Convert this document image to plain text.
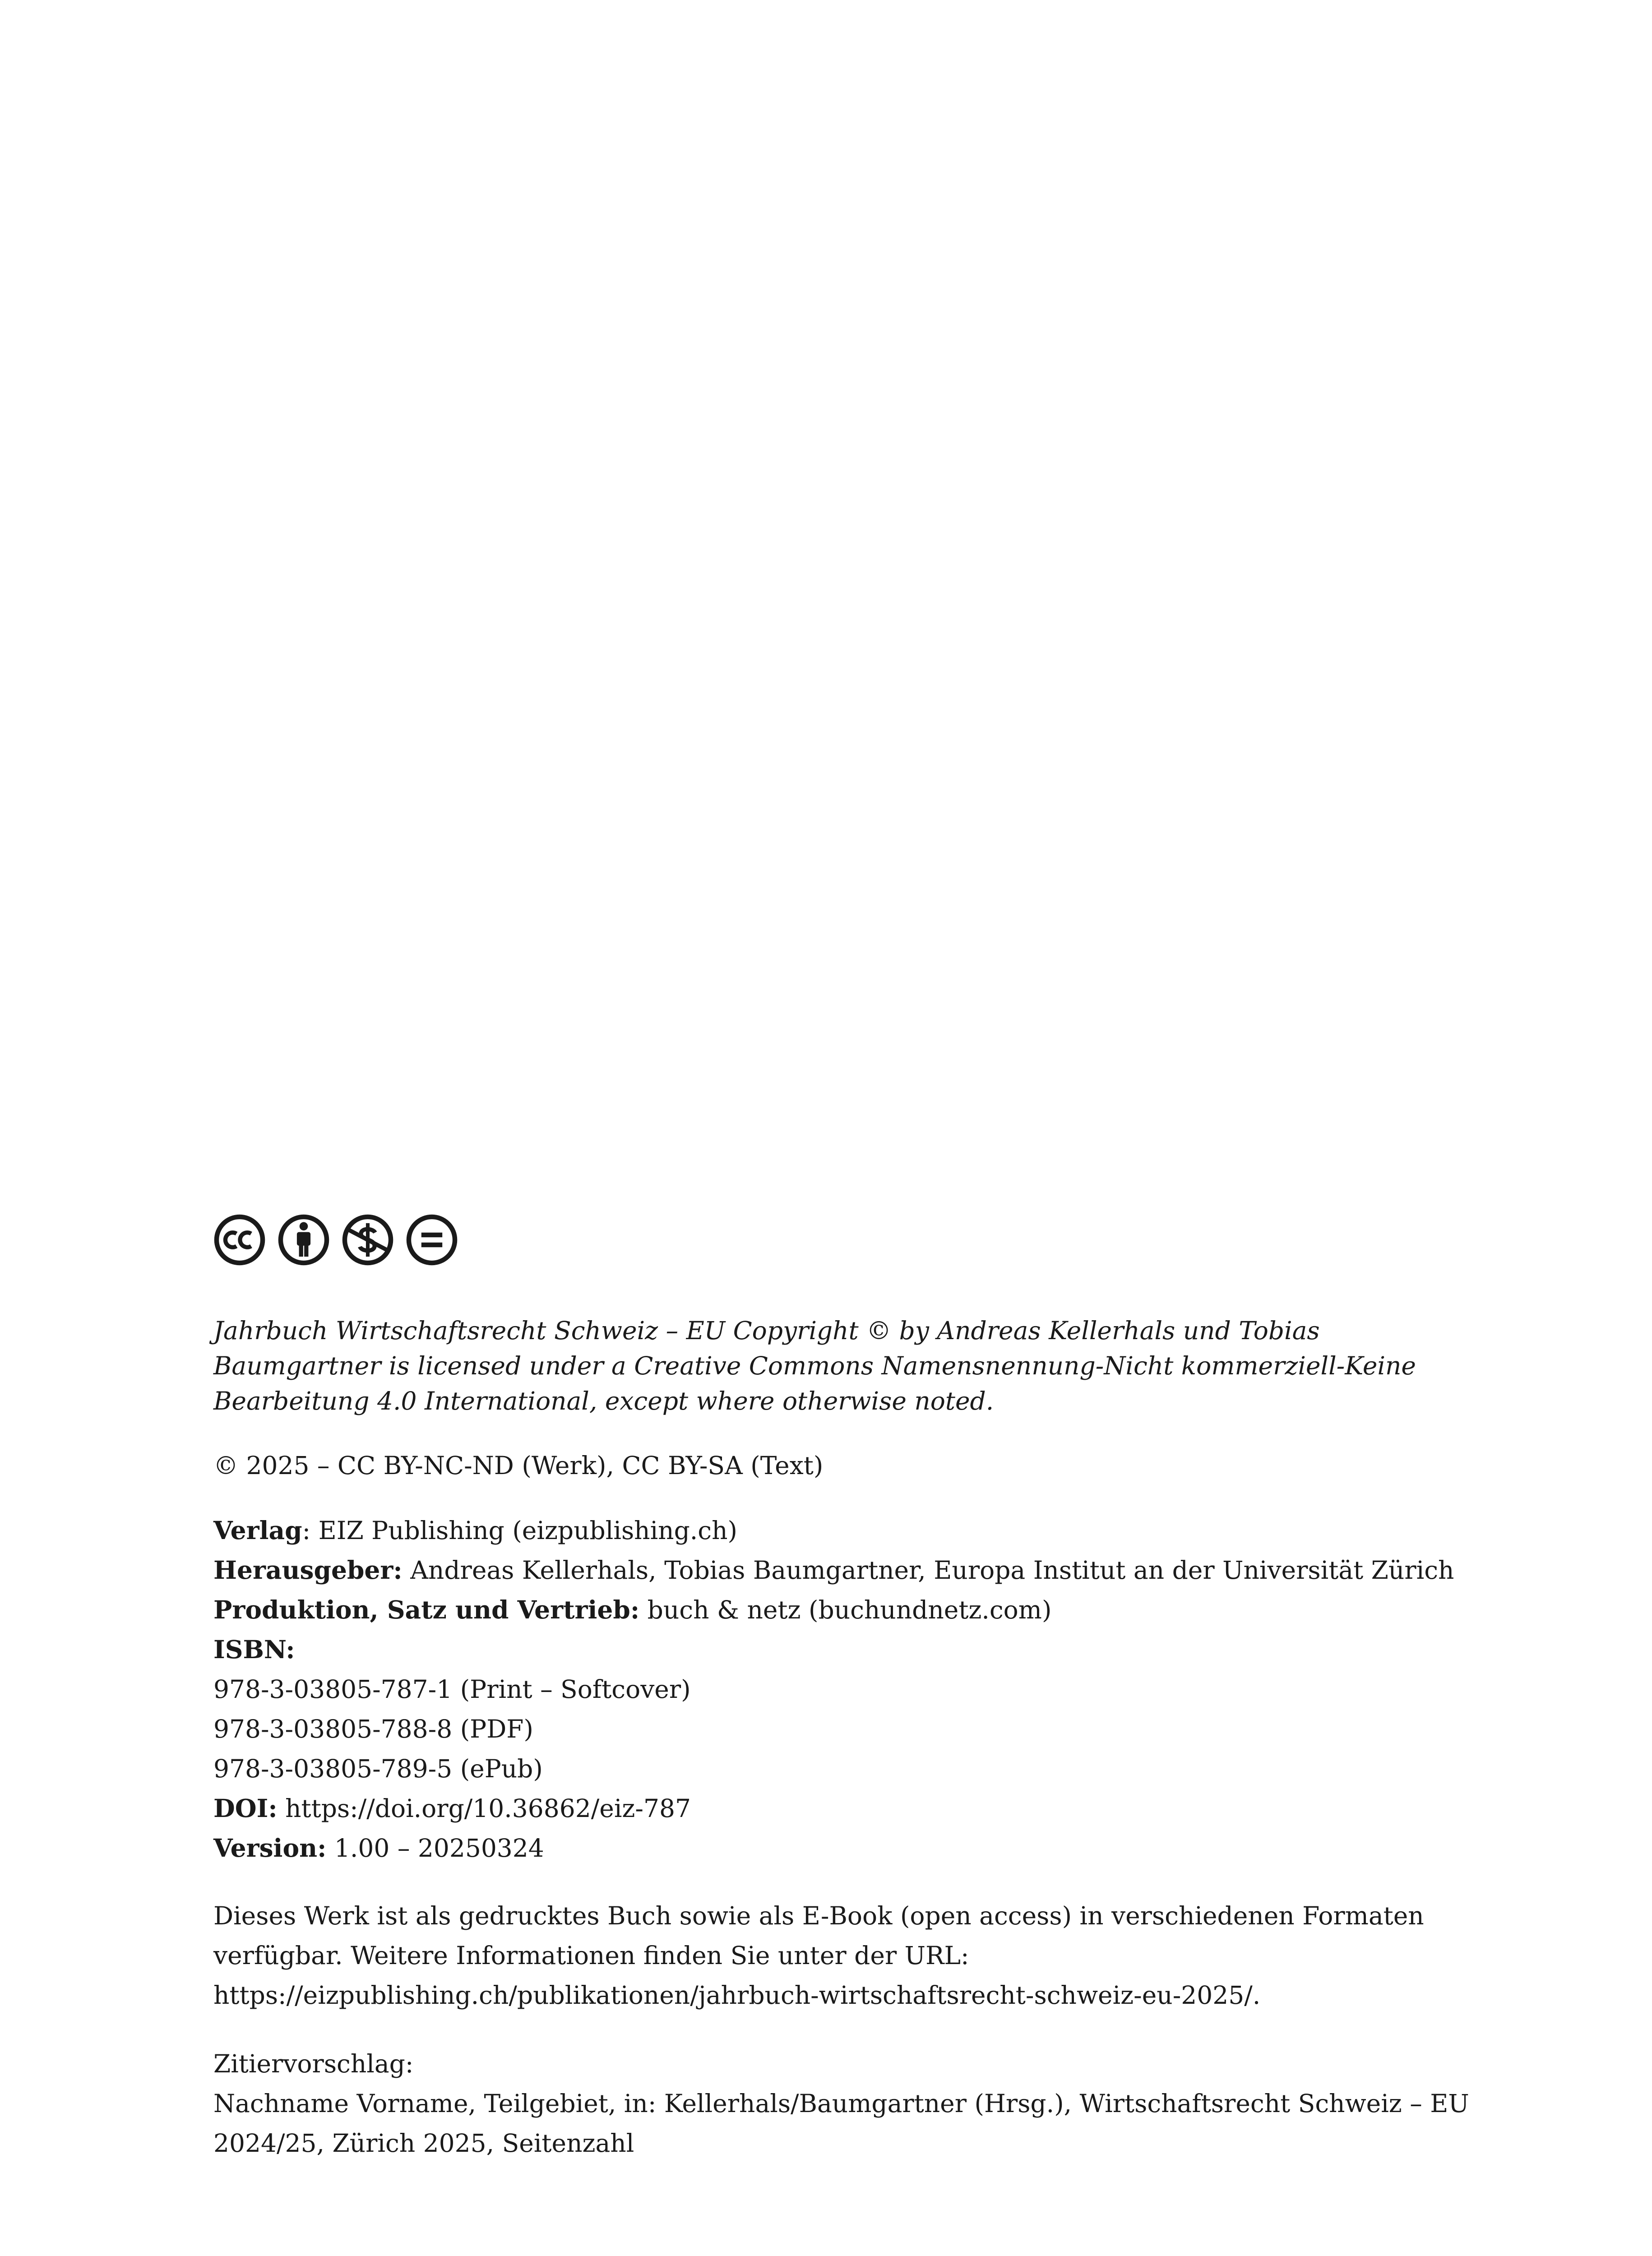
Jahrbuch Wirtschaftsrecht Schweiz – EU Copyright © by Andreas Kellerhals und Tobias Baumgartner is licensed under a Creative Commons Namensnennung-Nicht kommerziell-Keine Bearbeitung 4.0 International, except where otherwise noted.

© 2025 – CC BY-NC-ND (Werk), CC BY-SA (Text)

Verlag: EIZ Publishing (eizpublishing.ch)
Herausgeber: Andreas Kellerhals, Tobias Baumgartner, Europa Institut an der Universität Zürich
Produktion, Satz und Vertrieb: buch & netz (buchundnetz.com)
ISBN:
978-3-03805-787-1 (Print – Softcover)
978-3-03805-788-8 (PDF)
978-3-03805-789-5 (ePub)
DOI: https://doi.org/10.36862/eiz-787
Version: 1.00 – 20250324
Dieses Werk ist als gedrucktes Buch sowie als E-Book (open access) in verschiedenen Formaten
verfügbar. Weitere Informationen finden Sie unter der URL:
https://eizpublishing.ch/publikationen/jahrbuch-wirtschaftsrecht-schweiz-eu-2025/.
Zitiervorschlag:
Nachname Vorname, Teilgebiet, in: Kellerhals/Baumgartner (Hrsg.), Wirtschaftsrecht Schweiz – EU
2024/25, Zürich 2025, Seitenzahl
